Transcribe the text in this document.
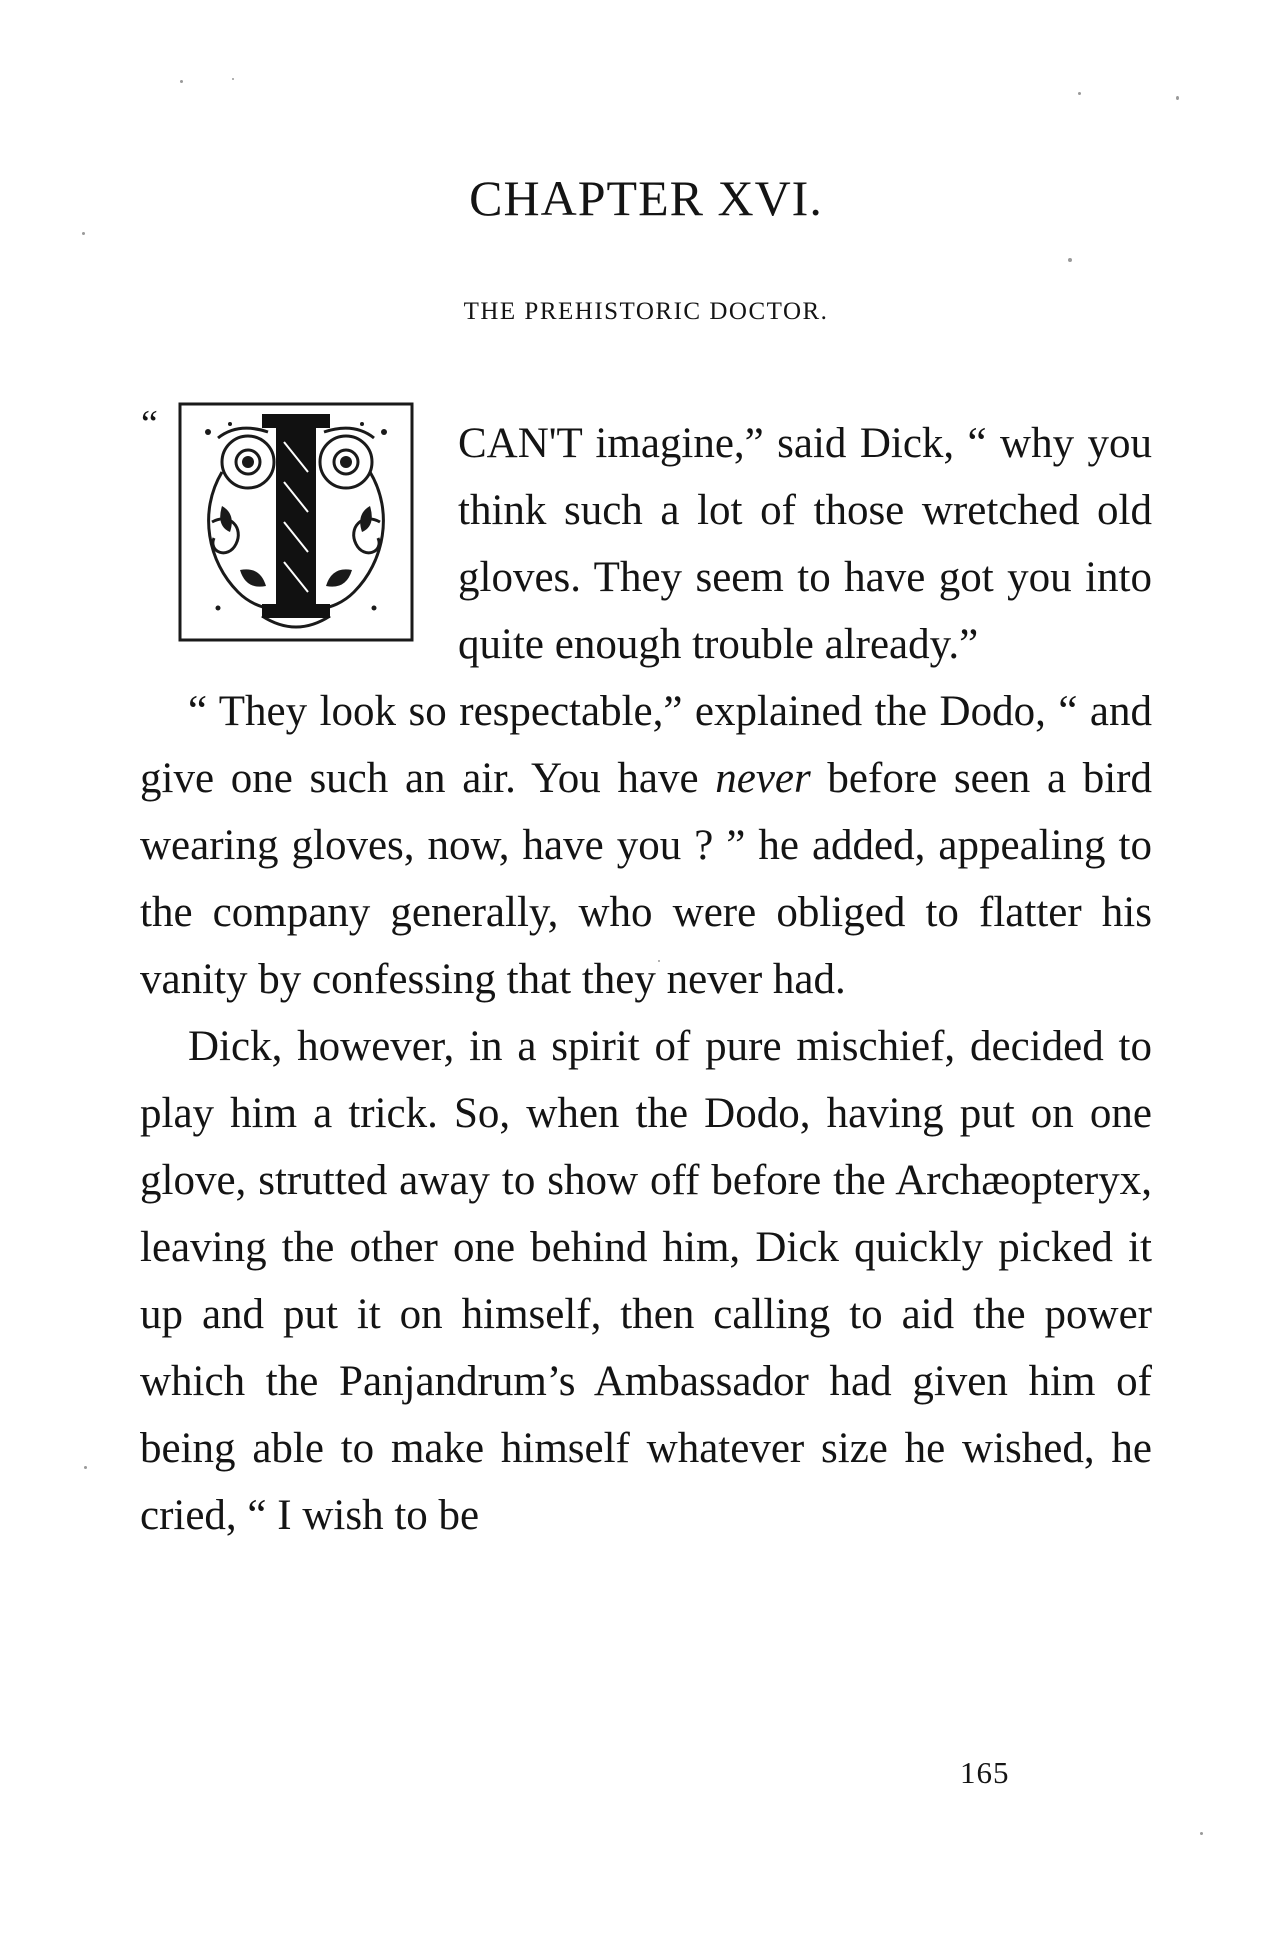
CHAPTER XVI.
THE PREHISTORIC DOCTOR.
“	CAN'T imagine,” said Dick, “ why you think such a lot of those wretched old gloves. They seem to have got you into quite enough trouble already.”

“ They look so respectable,” explained the Dodo, “ and give one such an air. You have never before seen a bird wearing gloves, now, have you ? ” he added, appealing to the company generally, who were obliged to flatter his vanity by confessing that they never had.

Dick, however, in a spirit of pure mischief, decided to play him a trick. So, when the Dodo, having put on one glove, strutted away to show off before the Archæopteryx, leaving the other one behind him, Dick quickly picked it up and put it on himself, then calling to aid the power which the Panjandrum’s Ambassador had given him of being able to make himself whatever size he wished, he cried, “ I wish to be

165
